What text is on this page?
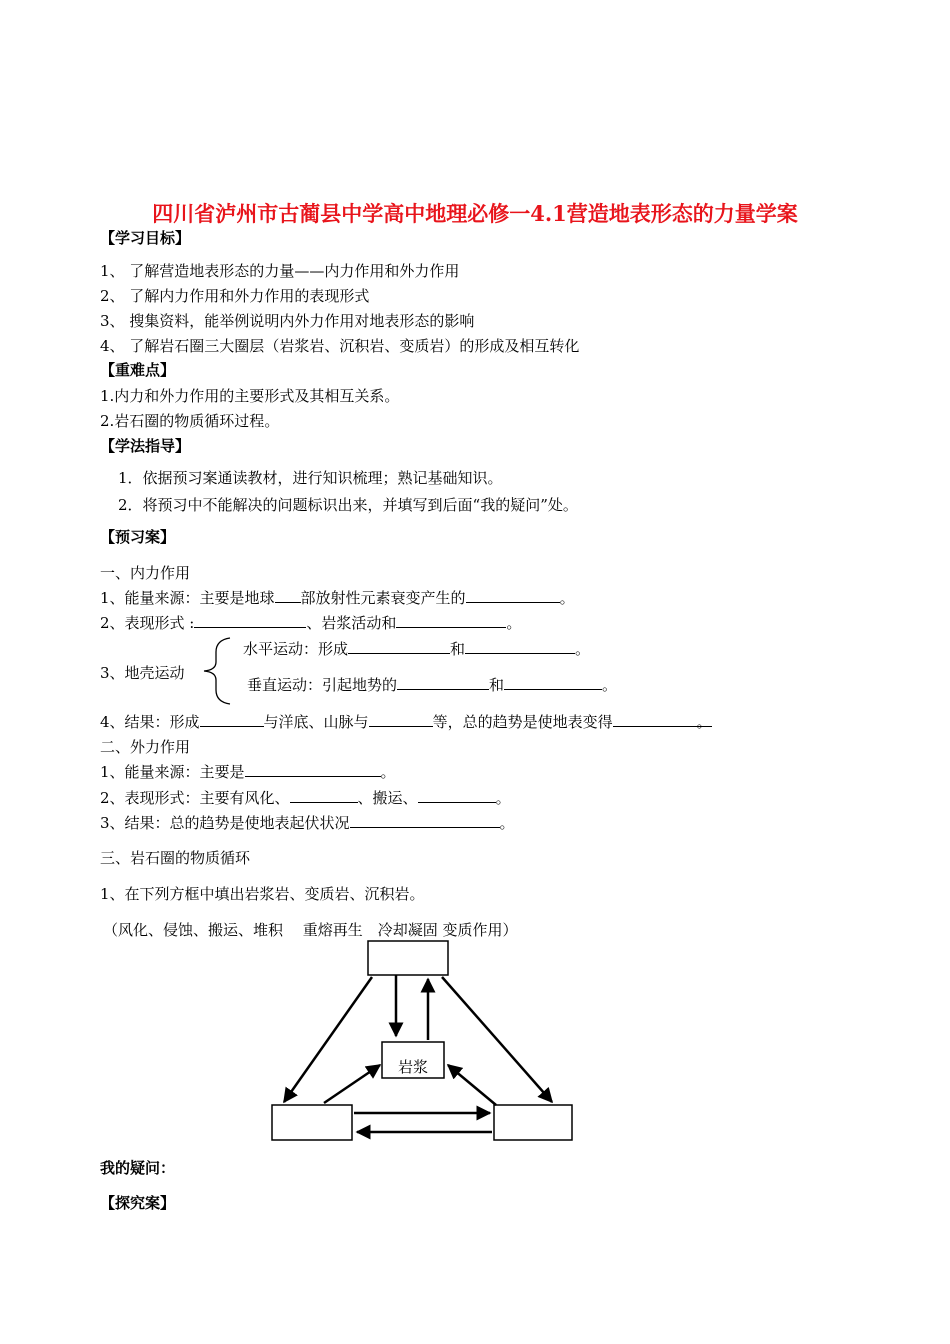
四川省泸州市古蔺县中学高中地理必修一4.1营造地表形态的力量学案
【学习目标】
1、 了解营造地表形态的力量——内力作用和外力作用
2、 了解内力作用和外力作用的表现形式
3、 搜集资料，能举例说明内外力作用对地表形态的影响
4、 了解岩石圈三大圈层（岩浆岩、沉积岩、变质岩）的形成及相互转化
【重难点】
1.内力和外力作用的主要形式及其相互关系。
2.岩石圈的物质循环过程。
【学法指导】
1．依据预习案通读教材，进行知识梳理；熟记基础知识。
2．将预习中不能解决的问题标识出来，并填写到后面“我的疑问”处。
【预习案】
一、内力作用
1、能量来源：主要是地球 部放射性元素衰变产生的	。
2、表现形式 :	、岩浆活动和	。
3、地壳运动
水平运动：形成	和	。
垂直运动：引起地势的	和	。
4、结果：形成	与洋底、山脉与	等，总的趋势是使地表变得	。
二、外力作用
1、能量来源：主要是	。
2、表现形式：主要有风化、	、搬运、	。
3、结果：总的趋势是使地表起伏状况	。
三、岩石圈的物质循环
1、在下列方框中填出岩浆岩、变质岩、沉积岩。
（风化、侵蚀、搬运、堆积　 重熔再生　冷却凝固 变质作用）
岩浆
我的疑问：
【探究案】
